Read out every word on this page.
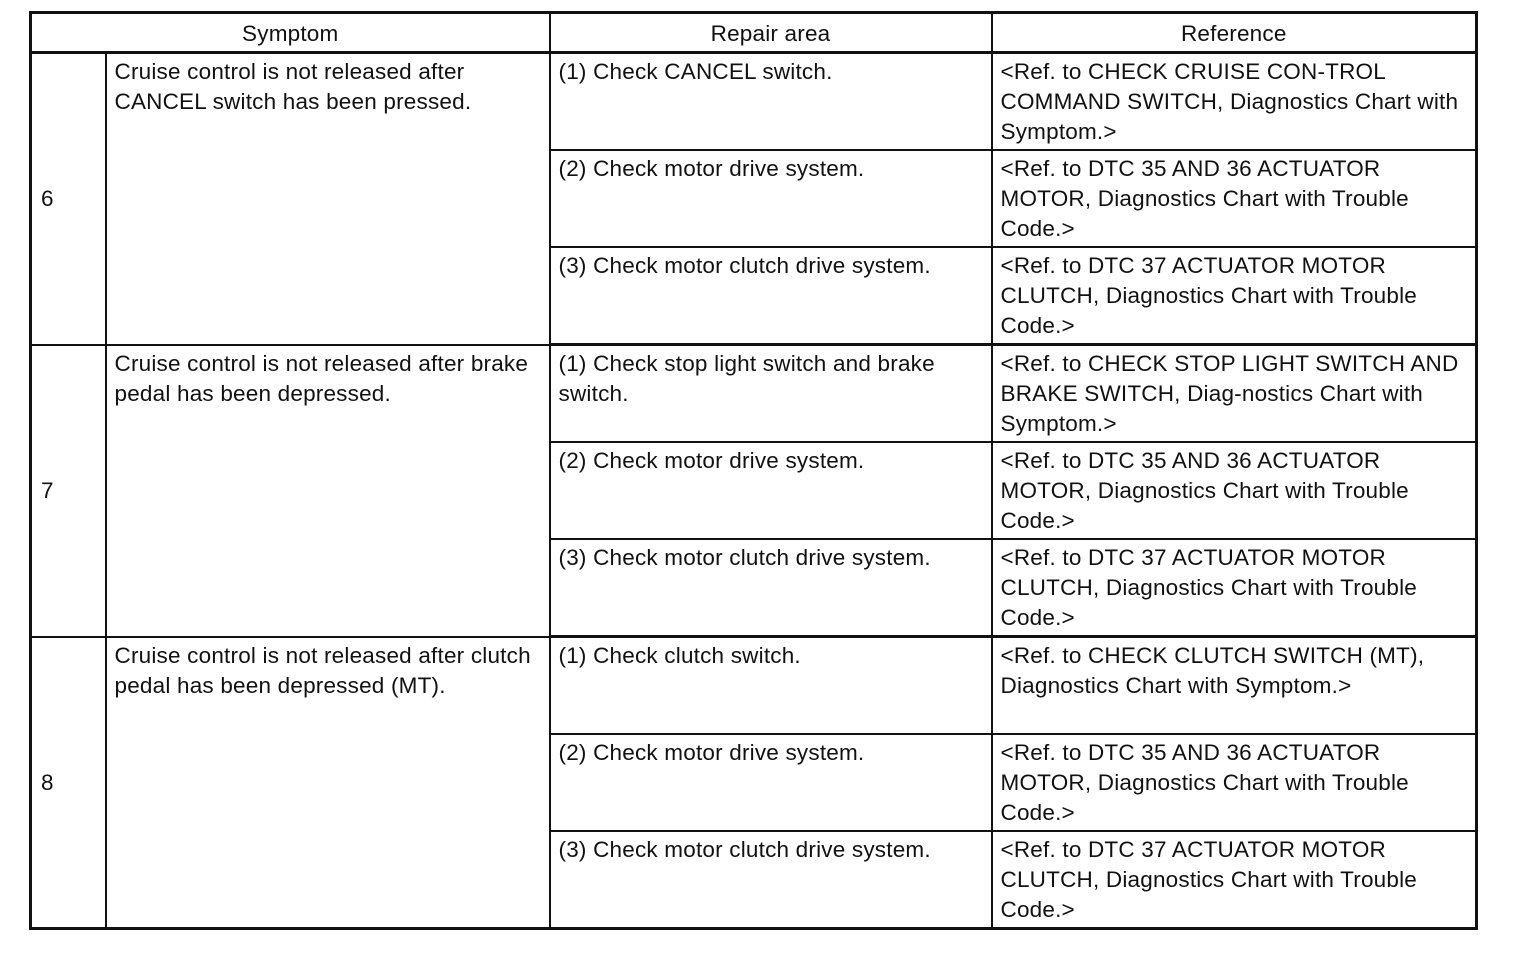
Symptom		Repair area	Reference
6	Cruise control is not released after CANCEL switch has been pressed.	(1) Check CANCEL switch.	<Ref. to CHECK CRUISE CON-TROL COMMAND SWITCH, Diagnostics Chart with Symptom.>
		(2) Check motor drive system.	<Ref. to DTC 35 AND 36 ACTUATOR MOTOR, Diagnostics Chart with Trouble Code.>
		(3) Check motor clutch drive system.	<Ref. to DTC 37 ACTUATOR MOTOR CLUTCH, Diagnostics Chart with Trouble Code.>
7	Cruise control is not released after brake pedal has been depressed.	(1) Check stop light switch and brake switch.	<Ref. to CHECK STOP LIGHT SWITCH AND BRAKE SWITCH, Diag-nostics Chart with Symptom.>
		(2) Check motor drive system.	<Ref. to DTC 35 AND 36 ACTUATOR MOTOR, Diagnostics Chart with Trouble Code.>
		(3) Check motor clutch drive system.	<Ref. to DTC 37 ACTUATOR MOTOR CLUTCH, Diagnostics Chart with Trouble Code.>
8	Cruise control is not released after clutch pedal has been depressed (MT).	(1) Check clutch switch.	<Ref. to CHECK CLUTCH SWITCH (MT), Diagnostics Chart with Symptom.>
		(2) Check motor drive system.	<Ref. to DTC 35 AND 36 ACTUATOR MOTOR, Diagnostics Chart with Trouble Code.>
		(3) Check motor clutch drive system.	<Ref. to DTC 37 ACTUATOR MOTOR CLUTCH, Diagnostics Chart with Trouble Code.>
